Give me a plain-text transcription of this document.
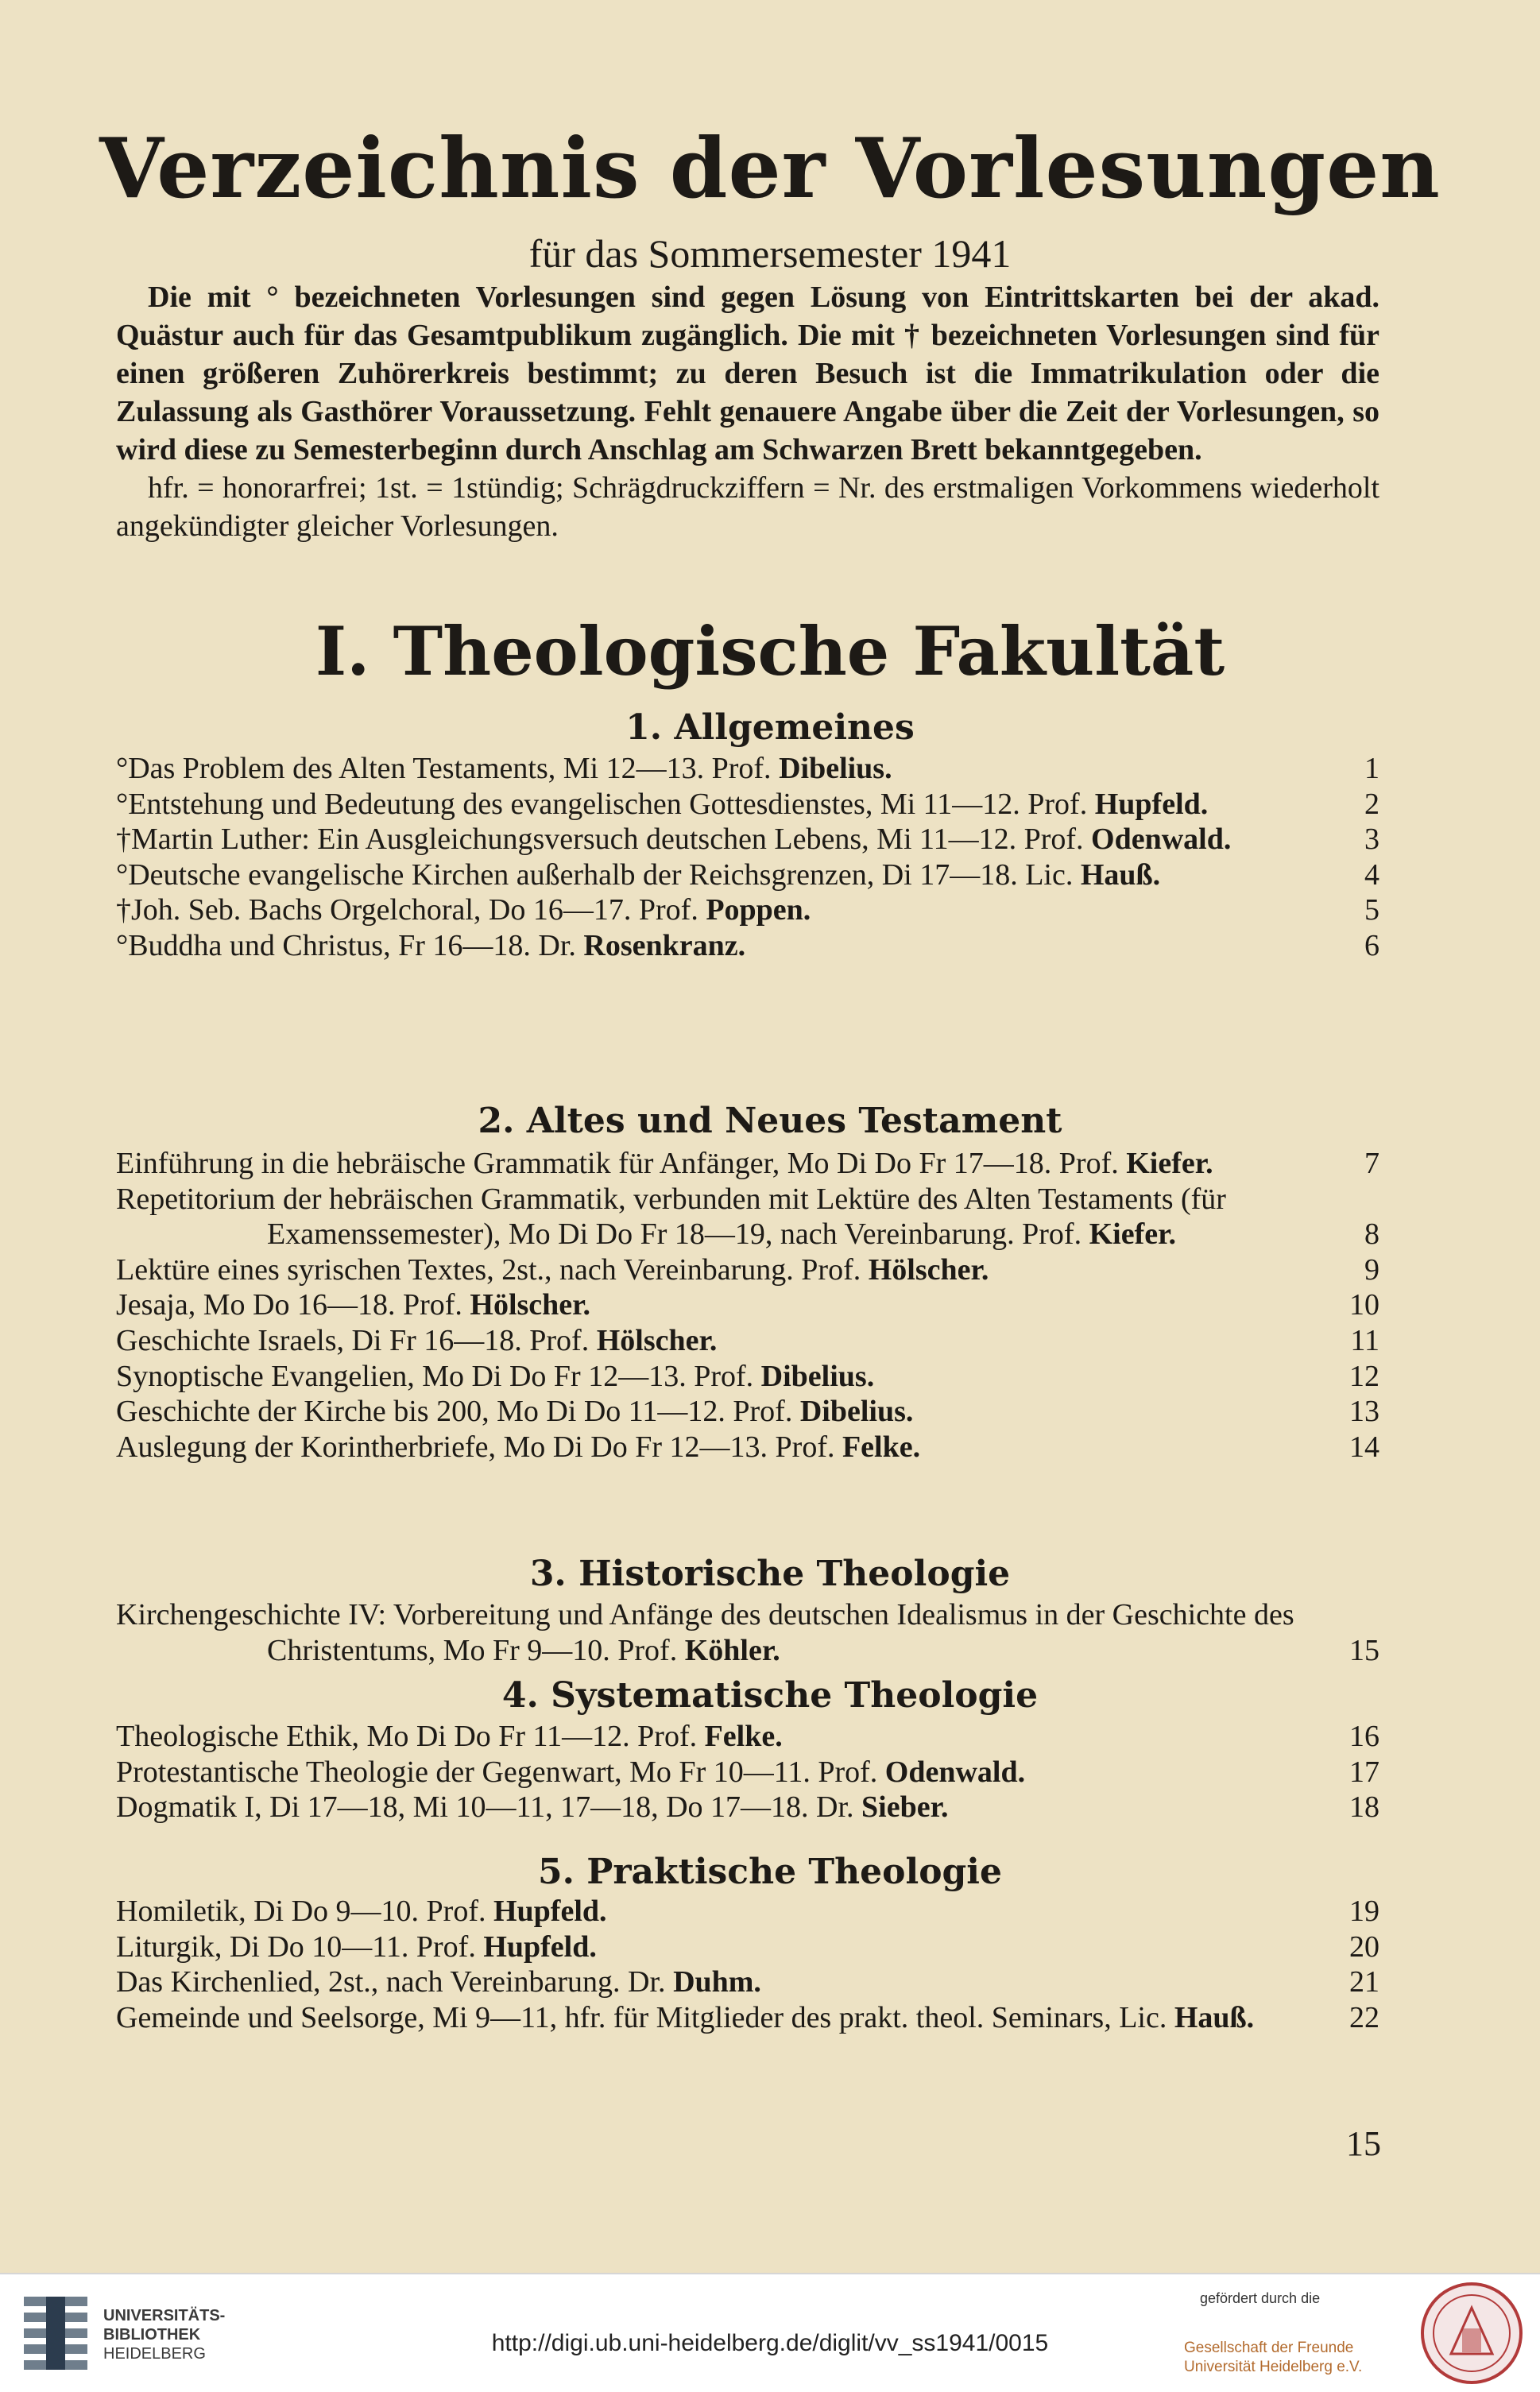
Verzeichnis der Vorlesungen
für das Sommersemester 1941

Die mit ° bezeichneten Vorlesungen sind gegen Lösung von Eintrittskarten bei der akad. Quästur auch für das Gesamtpublikum zugänglich. Die mit † bezeichneten Vorlesungen sind für einen größeren Zuhörerkreis bestimmt; zu deren Besuch ist die Immatrikulation oder die Zulassung als Gasthörer Voraussetzung. Fehlt genauere Angabe über die Zeit der Vorlesungen, so wird diese zu Semesterbeginn durch Anschlag am Schwarzen Brett bekanntgegeben.

hfr. = honorarfrei; 1st. = 1stündig; Schrägdruckziffern = Nr. des erstmaligen Vorkommens wiederholt angekündigter gleicher Vorlesungen.

I. Theologische Fakultät
1. Allgemeines
°Das Problem des Alten Testaments, Mi 12—13. Prof. Dibelius.	1
°Entstehung und Bedeutung des evangelischen Gottesdienstes, Mi 11—12. Prof. Hupfeld.	2
†Martin Luther: Ein Ausgleichungsversuch deutschen Lebens, Mi 11—12. Prof. Odenwald.	3
°Deutsche evangelische Kirchen außerhalb der Reichsgrenzen, Di 17—18. Lic. Hauß.	4
†Joh. Seb. Bachs Orgelchoral, Do 16—17. Prof. Poppen.	5
°Buddha und Christus, Fr 16—18. Dr. Rosenkranz.	6
2. Altes und Neues Testament
Einführung in die hebräische Grammatik für Anfänger, Mo Di Do Fr 17—18. Prof. Kiefer.	7
Repetitorium der hebräischen Grammatik, verbunden mit Lektüre des Alten Testaments (für Examenssemester), Mo Di Do Fr 18—19, nach Vereinbarung. Prof. Kiefer.	8
Lektüre eines syrischen Textes, 2st., nach Vereinbarung. Prof. Hölscher.	9
Jesaja, Mo Do 16—18. Prof. Hölscher.	10
Geschichte Israels, Di Fr 16—18. Prof. Hölscher.	11
Synoptische Evangelien, Mo Di Do Fr 12—13. Prof. Dibelius.	12
Geschichte der Kirche bis 200, Mo Di Do 11—12. Prof. Dibelius.	13
Auslegung der Korintherbriefe, Mo Di Do Fr 12—13. Prof. Felke.	14
3. Historische Theologie
Kirchengeschichte IV: Vorbereitung und Anfänge des deutschen Idealismus in der Geschichte des Christentums, Mo Fr 9—10. Prof. Köhler.	15
4. Systematische Theologie
Theologische Ethik, Mo Di Do Fr 11—12. Prof. Felke.	16
Protestantische Theologie der Gegenwart, Mo Fr 10—11. Prof. Odenwald.	17
Dogmatik I, Di 17—18, Mi 10—11, 17—18, Do 17—18. Dr. Sieber.	18
5. Praktische Theologie
Homiletik, Di Do 9—10. Prof. Hupfeld.	19
Liturgik, Di Do 10—11. Prof. Hupfeld.	20
Das Kirchenlied, 2st., nach Vereinbarung. Dr. Duhm.	21
Gemeinde und Seelsorge, Mi 9—11, hfr. für Mitglieder des prakt. theol. Seminars, Lic. Hauß.	22
15
UNIVERSITÄTS-
BIBLIOTHEK
HEIDELBERG	http://digi.ub.uni-heidelberg.de/diglit/vv_ss1941/0015
gefördert durch die
Gesellschaft der Freunde
Universität Heidelberg e.V.
